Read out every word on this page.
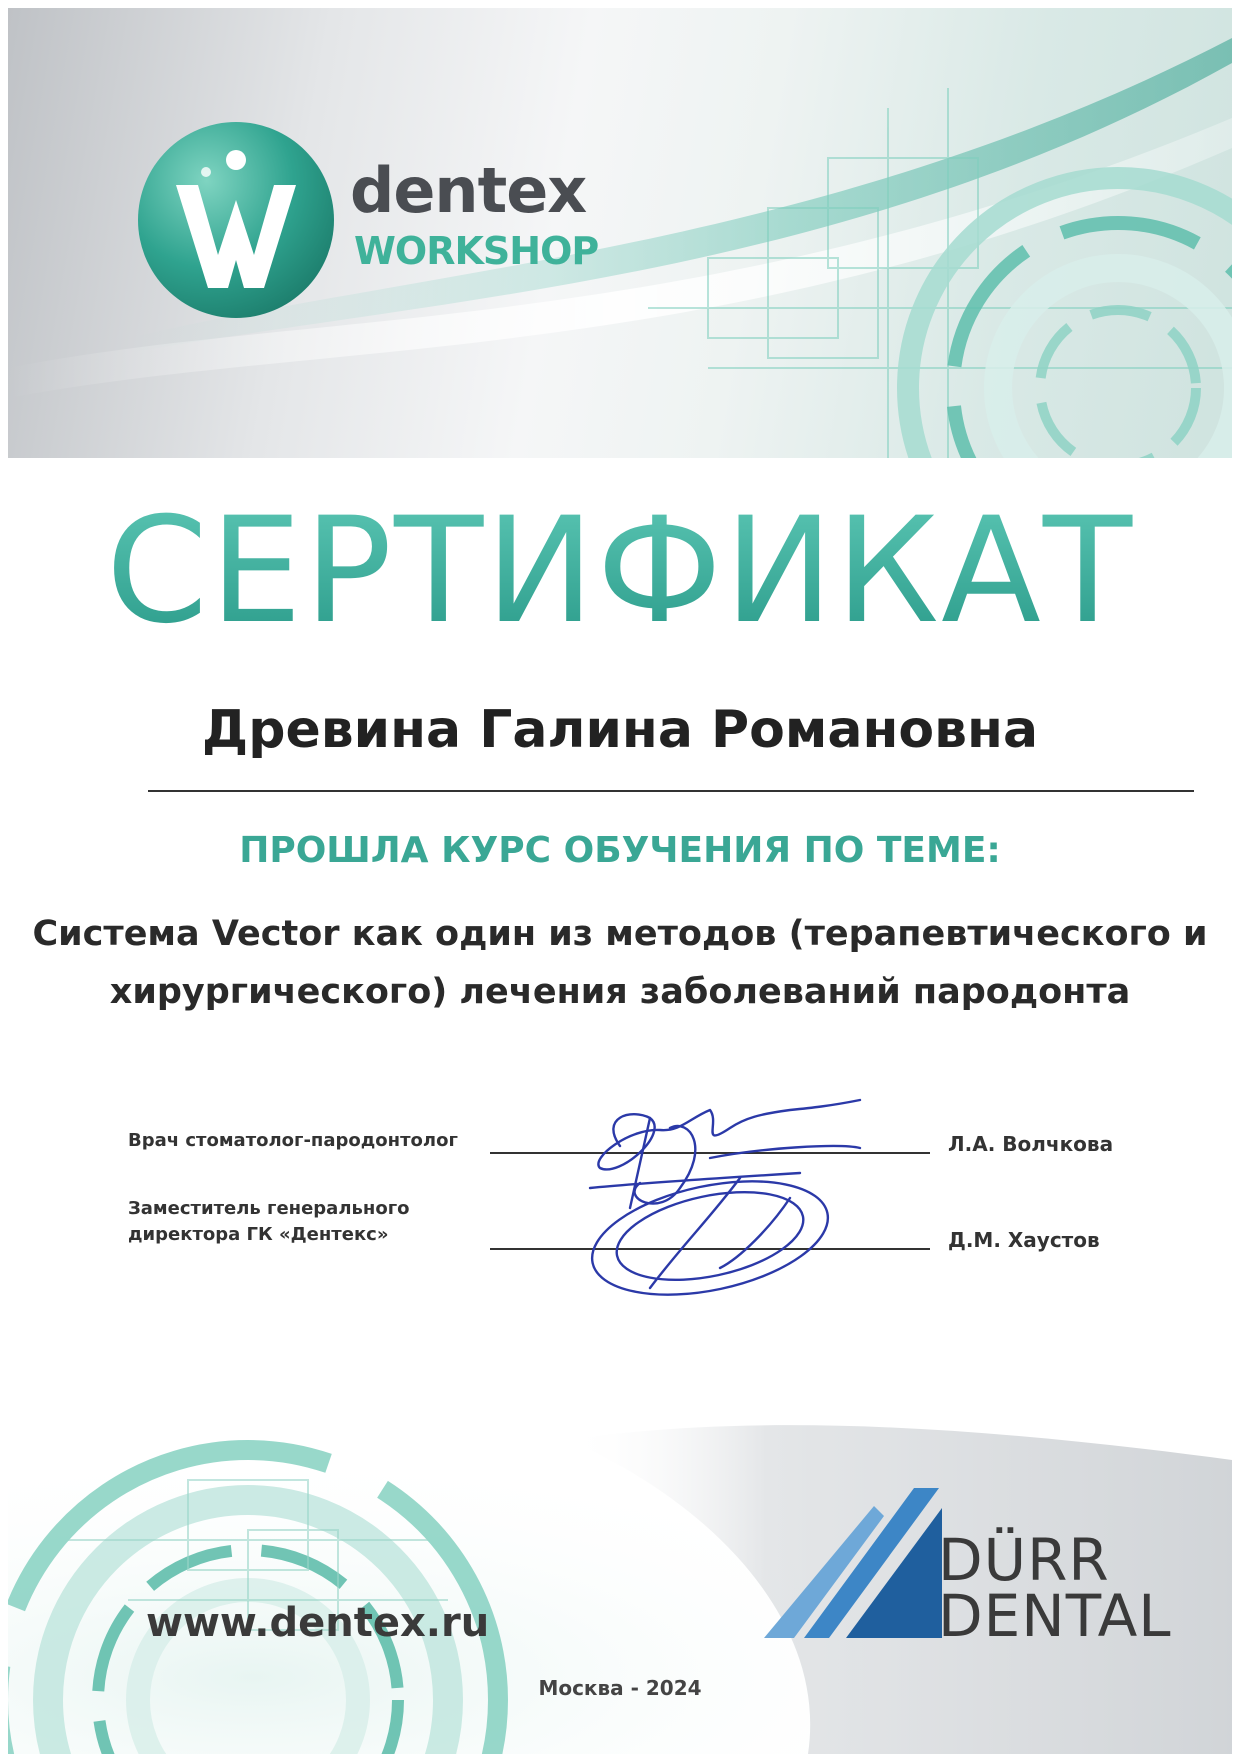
dentex
WORKSHOP
СЕРТИФИКАТ
Древина Галина Романовна
ПРОШЛА КУРС ОБУЧЕНИЯ ПО ТЕМЕ:
Система Vector как один из методов (терапевтического и
хирургического) лечения заболеваний пародонта
Врач стоматолог-пародонтолог	Л.А. Волчкова
Заместитель генерального
директора ГК «Дентекс»	Д.М. Хаустов
www.dentex.ru
DÜRR
DENTAL
Москва - 2024
